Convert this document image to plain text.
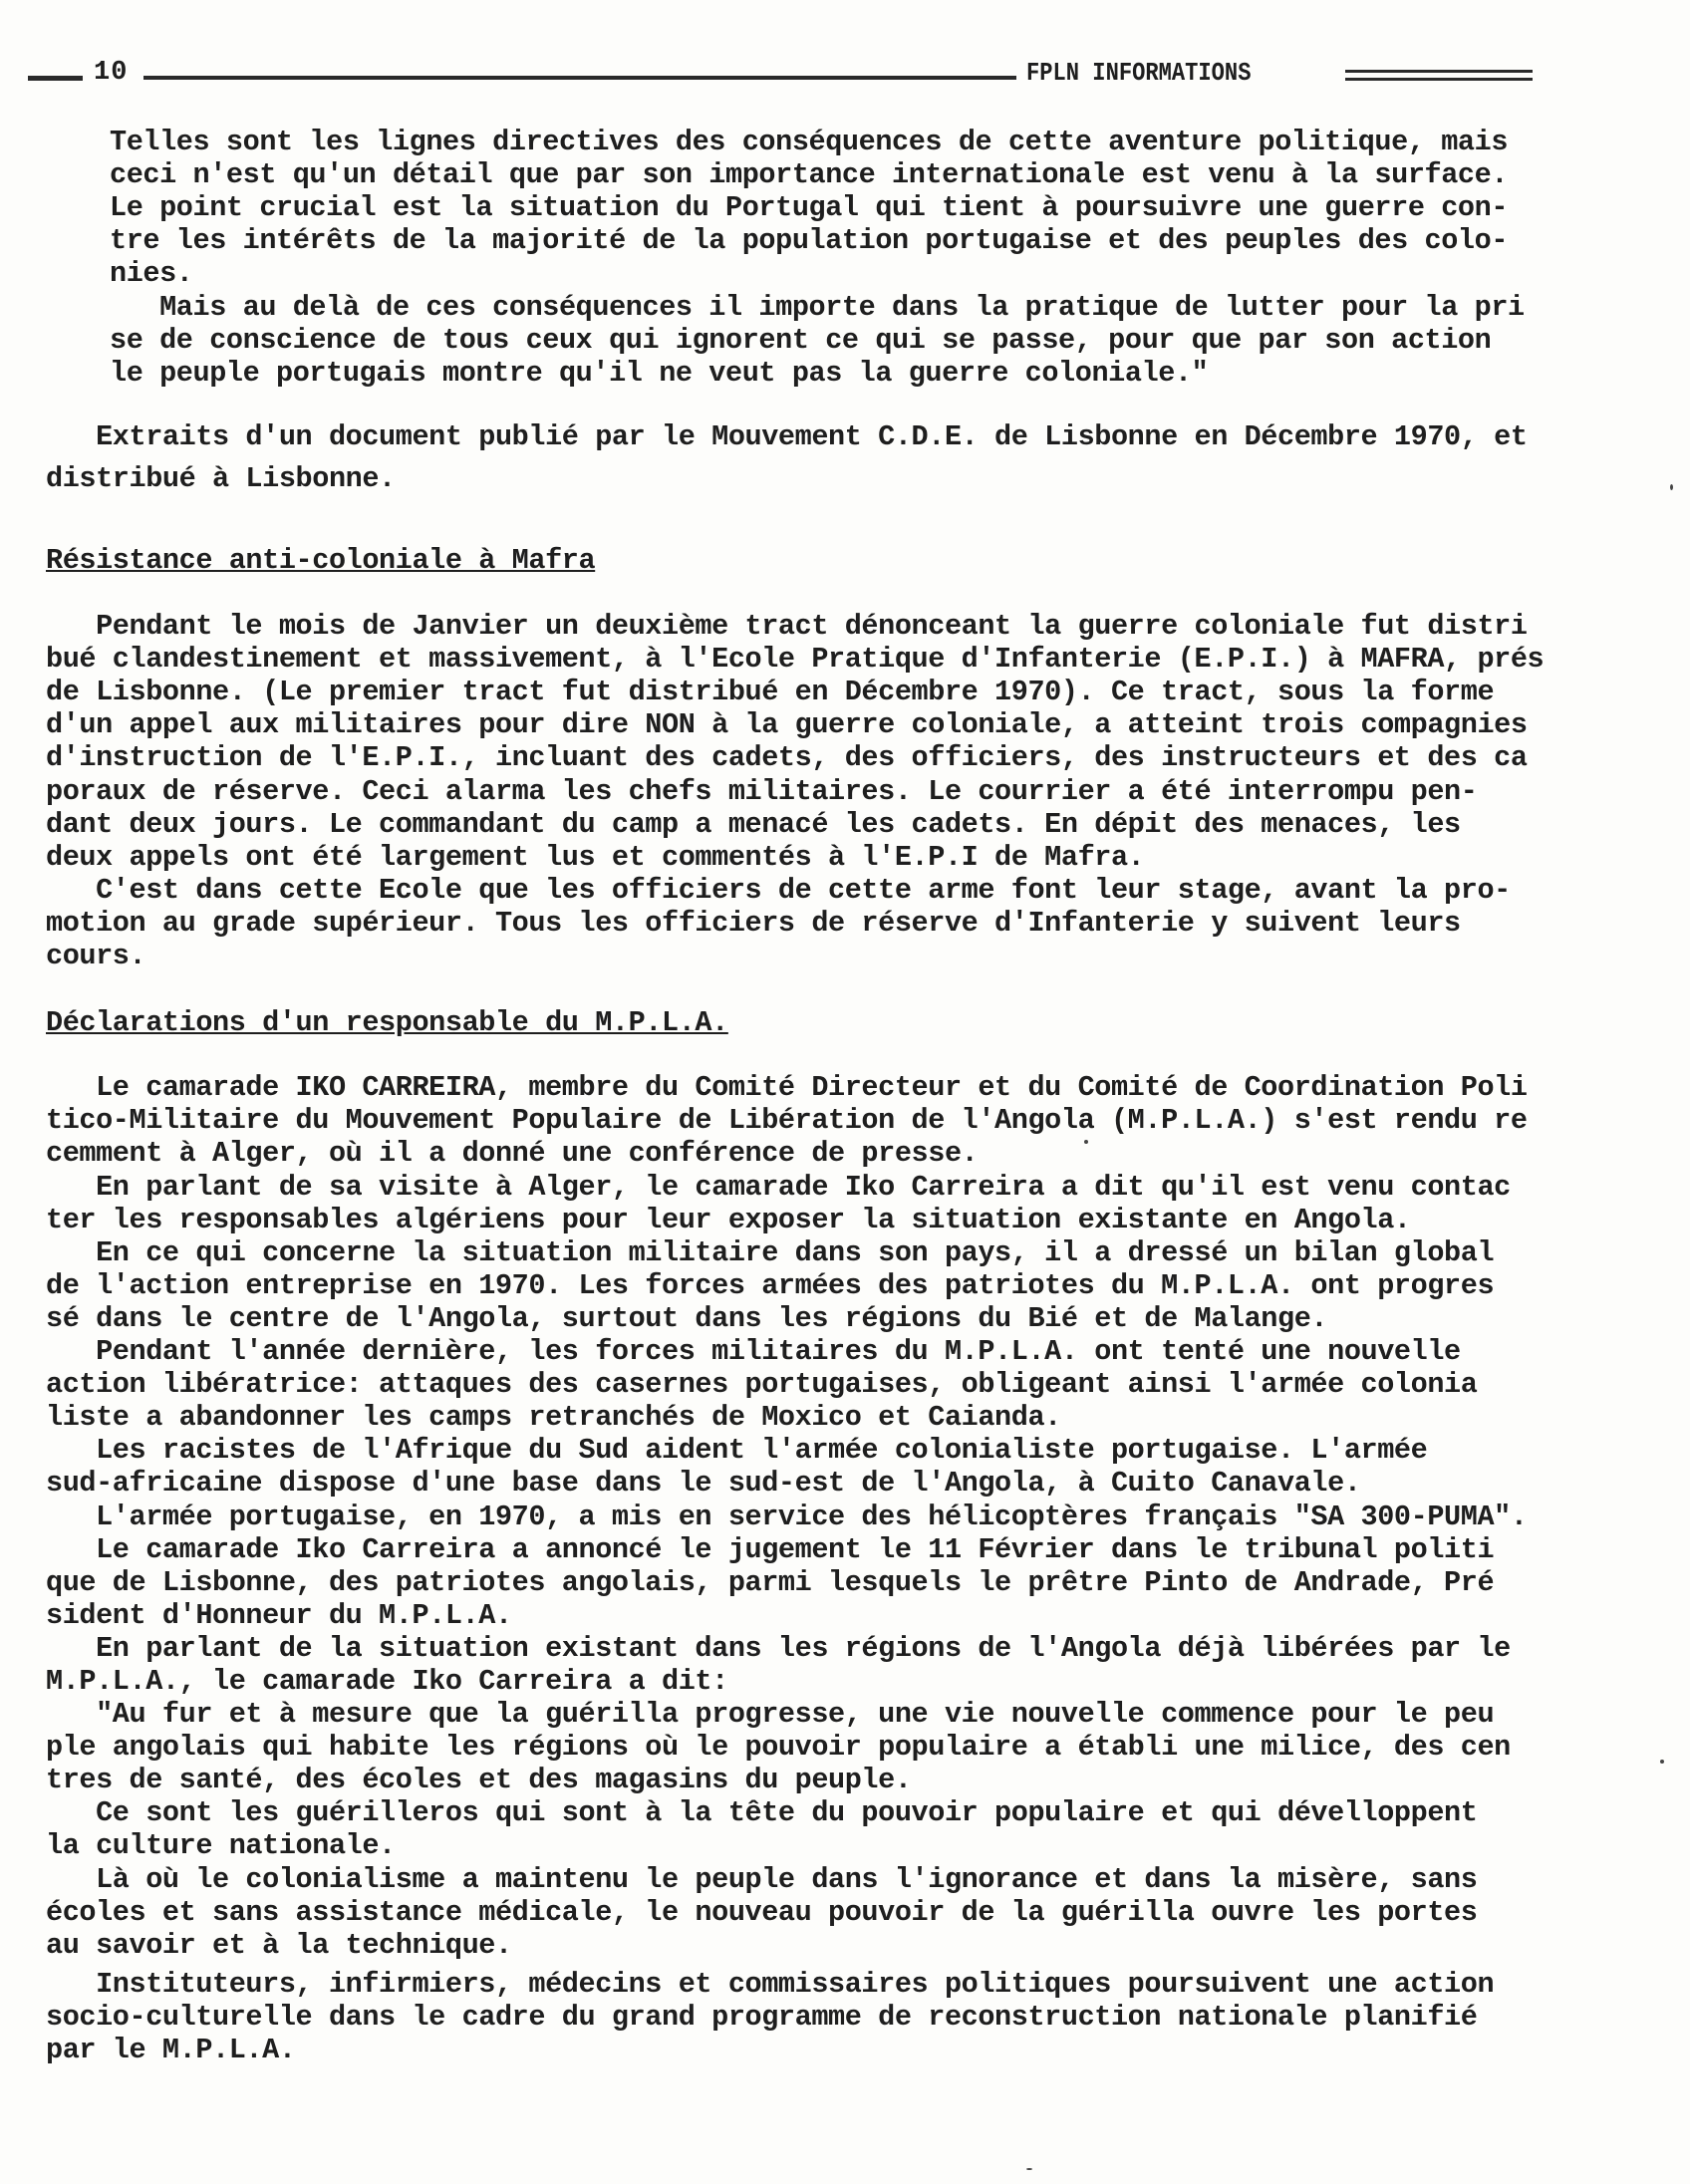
10	FPLN INFORMATIONS
Telles sont les lignes directives des conséquences de cette aventure politique, mais
ceci n'est qu'un détail que par son importance internationale est venu à la surface.
Le point crucial est la situation du Portugal qui tient à poursuivre une guerre con-
tre les intérêts de la majorité de la population portugaise et des peuples des colo-
nies.
Mais au delà de ces conséquences il importe dans la pratique de lutter pour la pri
se de conscience de tous ceux qui ignorent ce qui se passe, pour que par son action
le peuple portugais montre qu'il ne veut pas la guerre coloniale."
Extraits d'un document publié par le Mouvement C.D.E. de Lisbonne en Décembre 1970, et
distribué à Lisbonne.
Résistance anti-coloniale à Mafra
Pendant le mois de Janvier un deuxième tract dénonceant la guerre coloniale fut distri
bué clandestinement et massivement, à l'Ecole Pratique d'Infanterie (E.P.I.) à MAFRA, prés
de Lisbonne. (Le premier tract fut distribué en Décembre 1970). Ce tract, sous la forme
d'un appel aux militaires pour dire NON à la guerre coloniale, a atteint trois compagnies
d'instruction de l'E.P.I., incluant des cadets, des officiers, des instructeurs et des ca
poraux de réserve. Ceci alarma les chefs militaires. Le courrier a été interrompu pen-
dant deux jours. Le commandant du camp a menacé les cadets. En dépit des menaces, les
deux appels ont été largement lus et commentés à l'E.P.I de Mafra.
C'est dans cette Ecole que les officiers de cette arme font leur stage, avant la pro-
motion au grade supérieur. Tous les officiers de réserve d'Infanterie y suivent leurs
cours.
Déclarations d'un responsable du M.P.L.A.
Le camarade IKO CARREIRA, membre du Comité Directeur et du Comité de Coordination Poli
tico-Militaire du Mouvement Populaire de Libération de l'Angola (M.P.L.A.) s'est rendu re
cemment à Alger, où il a donné une conférence de presse.
En parlant de sa visite à Alger, le camarade Iko Carreira a dit qu'il est venu contac
ter les responsables algériens pour leur exposer la situation existante en Angola.
En ce qui concerne la situation militaire dans son pays, il a dressé un bilan global
de l'action entreprise en 1970. Les forces armées des patriotes du M.P.L.A. ont progres
sé dans le centre de l'Angola, surtout dans les régions du Bié et de Malange.
Pendant l'année dernière, les forces militaires du M.P.L.A. ont tenté une nouvelle
action libératrice: attaques des casernes portugaises, obligeant ainsi l'armée colonia
liste a abandonner les camps retranchés de Moxico et Caianda.
Les racistes de l'Afrique du Sud aident l'armée colonialiste portugaise. L'armée
sud-africaine dispose d'une base dans le sud-est de l'Angola, à Cuito Canavale.
L'armée portugaise, en 1970, a mis en service des hélicoptères français "SA 300-PUMA".
Le camarade Iko Carreira a annoncé le jugement le 11 Février dans le tribunal politi
que de Lisbonne, des patriotes angolais, parmi lesquels le prêtre Pinto de Andrade, Pré
sident d'Honneur du M.P.L.A.
En parlant de la situation existant dans les régions de l'Angola déjà libérées par le
M.P.L.A., le camarade Iko Carreira a dit:
"Au fur et à mesure que la guérilla progresse, une vie nouvelle commence pour le peu
ple angolais qui habite les régions où le pouvoir populaire a établi une milice, des cen
tres de santé, des écoles et des magasins du peuple.
Ce sont les guérilleros qui sont à la tête du pouvoir populaire et qui dévelloppent
la culture nationale.
Là où le colonialisme a maintenu le peuple dans l'ignorance et dans la misère, sans
écoles et sans assistance médicale, le nouveau pouvoir de la guérilla ouvre les portes
au savoir et à la technique.
Instituteurs, infirmiers, médecins et commissaires politiques poursuivent une action
socio-culturelle dans le cadre du grand programme de reconstruction nationale planifié
par le M.P.L.A.
